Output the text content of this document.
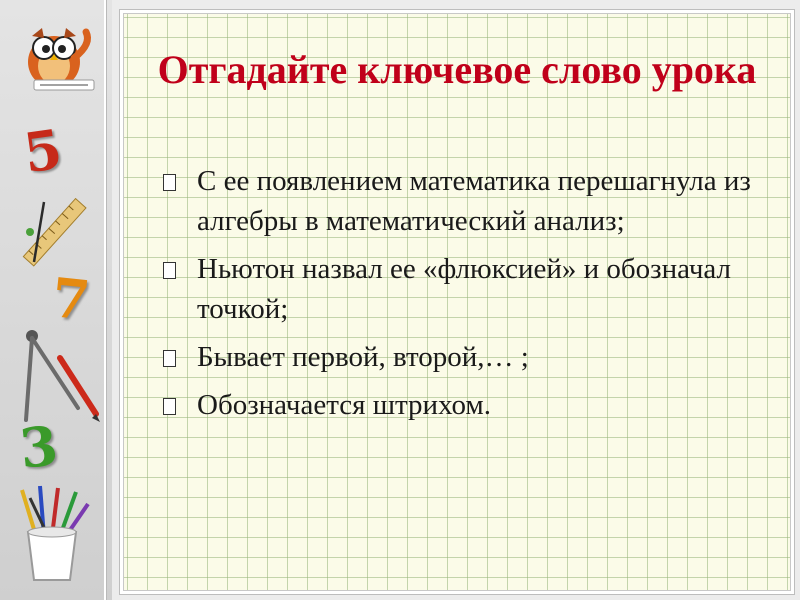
5
7
3
Отгадайте ключевое слово урока
С ее появлением математика перешагнула из алгебры в математический анализ;
Ньютон назвал ее «флюксией» и обозначал точкой;
Бывает первой, второй,… ;
Обозначается штрихом.
